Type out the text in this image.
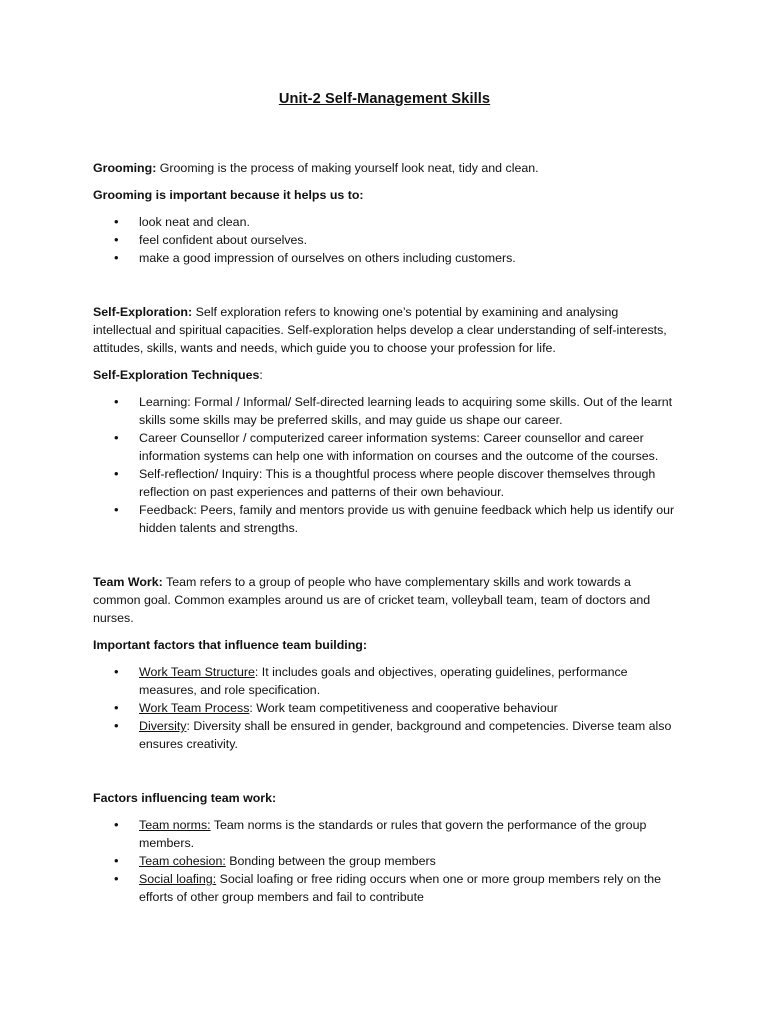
Unit-2 Self-Management Skills

Grooming: Grooming is the process of making yourself look neat, tidy and clean.

Grooming is important because it helps us to:

• look neat and clean.
• feel confident about ourselves.
• make a good impression of ourselves on others including customers.

Self-Exploration: Self exploration refers to knowing one’s potential by examining and analysing intellectual and spiritual capacities. Self-exploration helps develop a clear understanding of self-interests, attitudes, skills, wants and needs, which guide you to choose your profession for life.

Self-Exploration Techniques:

• Learning: Formal / Informal/ Self-directed learning leads to acquiring some skills. Out of the learnt skills some skills may be preferred skills, and may guide us shape our career.
• Career Counsellor / computerized career information systems: Career counsellor and career information systems can help one with information on courses and the outcome of the courses.
• Self-reflection/ Inquiry: This is a thoughtful process where people discover themselves through reflection on past experiences and patterns of their own behaviour.
• Feedback: Peers, family and mentors provide us with genuine feedback which help us identify our hidden talents and strengths.

Team Work: Team refers to a group of people who have complementary skills and work towards a common goal. Common examples around us are of cricket team, volleyball team, team of doctors and nurses.

Important factors that influence team building:

• Work Team Structure: It includes goals and objectives, operating guidelines, performance measures, and role specification.
• Work Team Process: Work team competitiveness and cooperative behaviour
• Diversity: Diversity shall be ensured in gender, background and competencies. Diverse team also ensures creativity.

Factors influencing team work:

• Team norms: Team norms is the standards or rules that govern the performance of the group members.
• Team cohesion: Bonding between the group members
• Social loafing: Social loafing or free riding occurs when one or more group members rely on the efforts of other group members and fail to contribute
